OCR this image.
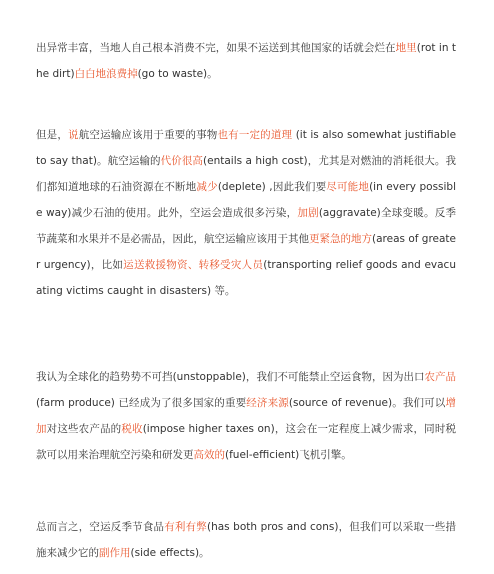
出异常丰富，当地人自己根本消费不完，如果不运送到其他国家的话就会烂在地里(rot in the dirt)白白地浪费掉(go to waste)。

但是，说航空运输应该用于重要的事物也有一定的道理 (it is also somewhat justifiable to say that)。航空运输的代价很高(entails a high cost)，尤其是对燃油的消耗很大。我们都知道地球的石油资源在不断地减少(deplete) ,因此我们要尽可能地(in every possible way)减少石油的使用。此外，空运会造成很多污染，加剧(aggravate)全球变暖。反季节蔬菜和水果并不是必需品，因此，航空运输应该用于其他更紧急的地方(areas of greater urgency)，比如运送救援物资、转移受灾人员(transporting relief goods and evacuating victims caught in disasters) 等。

我认为全球化的趋势势不可挡(unstoppable)，我们不可能禁止空运食物，因为出口农产品(farm produce) 已经成为了很多国家的重要经济来源(source of revenue)。我们可以增加对这些农产品的税收(impose higher taxes on)，这会在一定程度上减少需求，同时税 款可以用来治理航空污染和研发更高效的(fuel-efficient)飞机引擎。

总而言之，空运反季节食品有利有弊(has both pros and cons)，但我们可以采取一些措施来减少它的副作用(side effects)。
